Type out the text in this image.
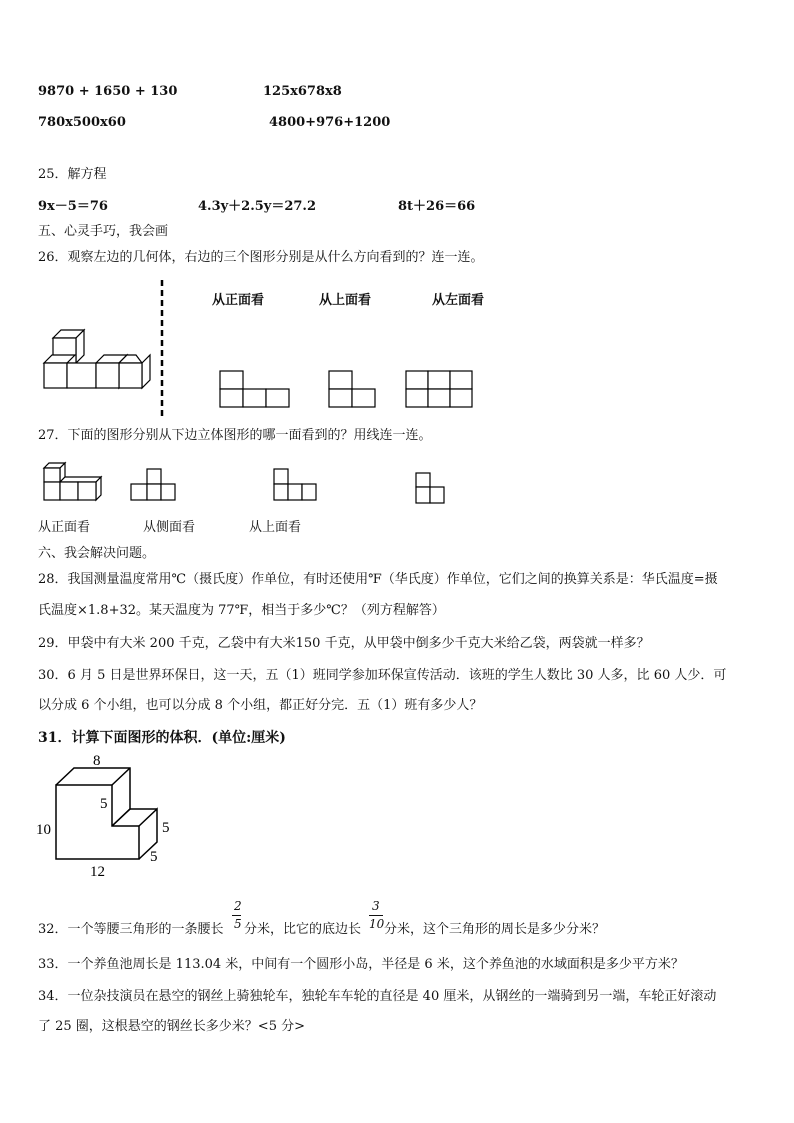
9870 + 1650 + 130	125x678x8
780x500x60	4800+976+1200
25．解方程
9x－5＝76	4.3y＋2.5y＝27.2	8t＋26＝66
五、心灵手巧，我会画
26．观察左边的几何体，右边的三个图形分别是从什么方向看到的？连一连。
从正面看	从上面看	从左面看
27．下面的图形分别从下边立体图形的哪一面看到的？用线连一连。
从正面看	从侧面看	从上面看
六、我会解决问题。
28．我国测量温度常用℃（摄氏度）作单位，有时还使用℉（华氏度）作单位，它们之间的换算关系是：华氏温度=摄
氏温度×1.8+32。某天温度为 77℉，相当于多少℃？（列方程解答）
29．甲袋中有大米 200 千克，乙袋中有大米150 千克，从甲袋中倒多少千克大米给乙袋，两袋就一样多？
30．6 月 5 日是世界环保日，这一天，五（1）班同学参加环保宣传活动．该班的学生人数比 30 人多，比 60 人少．可
以分成 6 个小组，也可以分成 8 个小组，都正好分完．五（1）班有多少人？
31．计算下面图形的体积．(单位:厘米)
8
5
10	5
5
12
32．一个等腰三角形的一条腰长
2
5 分米，比它的底边长
3
10 分米，这个三角形的周长是多少分米？
33．一个养鱼池周长是 113.04 米，中间有一个圆形小岛，半径是 6 米，这个养鱼池的水域面积是多少平方米？
34．一位杂技演员在悬空的钢丝上骑独轮车，独轮车车轮的直径是 40 厘米，从钢丝的一端骑到另一端，车轮正好滚动
了 25 圈，这根悬空的钢丝长多少米？<5 分>
